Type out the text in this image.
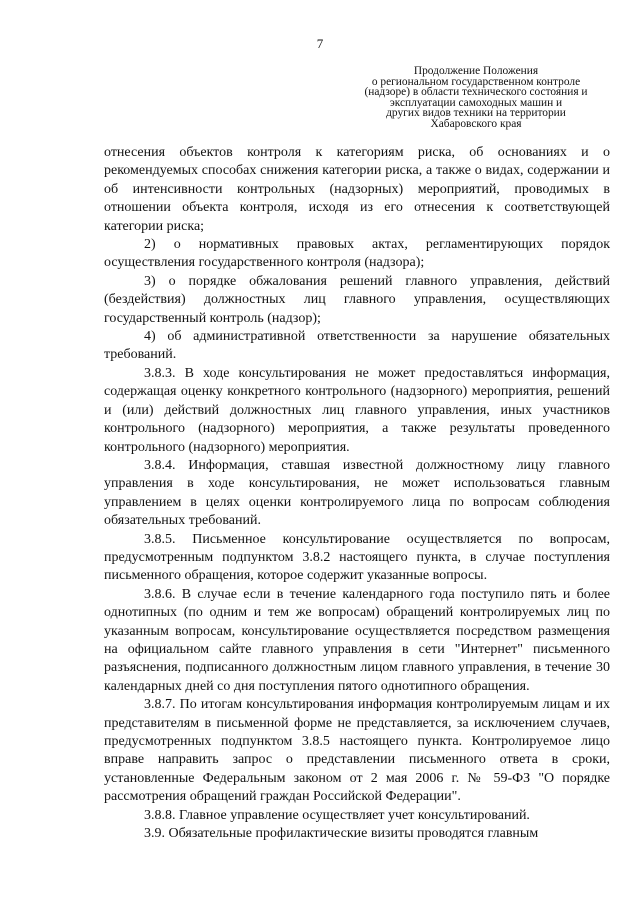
7
Продолжение Положения
о региональном государственном контроле
(надзоре) в области технического состояния и
эксплуатации самоходных машин и
других видов техники на территории
Хабаровского края

отнесения объектов контроля к категориям риска, об основаниях и о рекомендуемых способах снижения категории риска, а также о видах, содержании и об интенсивности контрольных (надзорных) мероприятий, проводимых в отношении объекта контроля, исходя из его отнесения к соответствующей категории риска;

2) о нормативных правовых актах, регламентирующих порядок осуществления государственного контроля (надзора);

3) о порядке обжалования решений главного управления, действий (бездействия) должностных лиц главного управления, осуществляющих государственный контроль (надзор);

4) об административной ответственности за нарушение обязательных требований.

3.8.3. В ходе консультирования не может предоставляться информация, содержащая оценку конкретного контрольного (надзорного) мероприятия, решений и (или) действий должностных лиц главного управления, иных участников контрольного (надзорного) мероприятия, а также результаты проведенного контрольного (надзорного) мероприятия.

3.8.4. Информация, ставшая известной должностному лицу главного управления в ходе консультирования, не может использоваться главным управлением в целях оценки контролируемого лица по вопросам соблюдения обязательных требований.

3.8.5. Письменное консультирование осуществляется по вопросам, предусмотренным подпунктом 3.8.2 настоящего пункта, в случае поступления письменного обращения, которое содержит указанные вопросы.

3.8.6. В случае если в течение календарного года поступило пять и более однотипных (по одним и тем же вопросам) обращений контролируемых лиц по указанным вопросам, консультирование осуществляется посредством размещения на официальном сайте главного управления в сети "Интернет" письменного разъяснения, подписанного должностным лицом главного управления, в течение 30 календарных дней со дня поступления пятого однотипного обращения.

3.8.7. По итогам консультирования информация контролируемым лицам и их представителям в письменной форме не представляется, за исключением случаев, предусмотренных подпунктом 3.8.5 настоящего пункта. Контролируемое лицо вправе направить запрос о представлении письменного ответа в сроки, установленные Федеральным законом от 2 мая 2006 г. № 59-ФЗ "О порядке рассмотрения обращений граждан Российской Федерации".

3.8.8. Главное управление осуществляет учет консультирований.

3.9. Обязательные профилактические визиты проводятся главным
